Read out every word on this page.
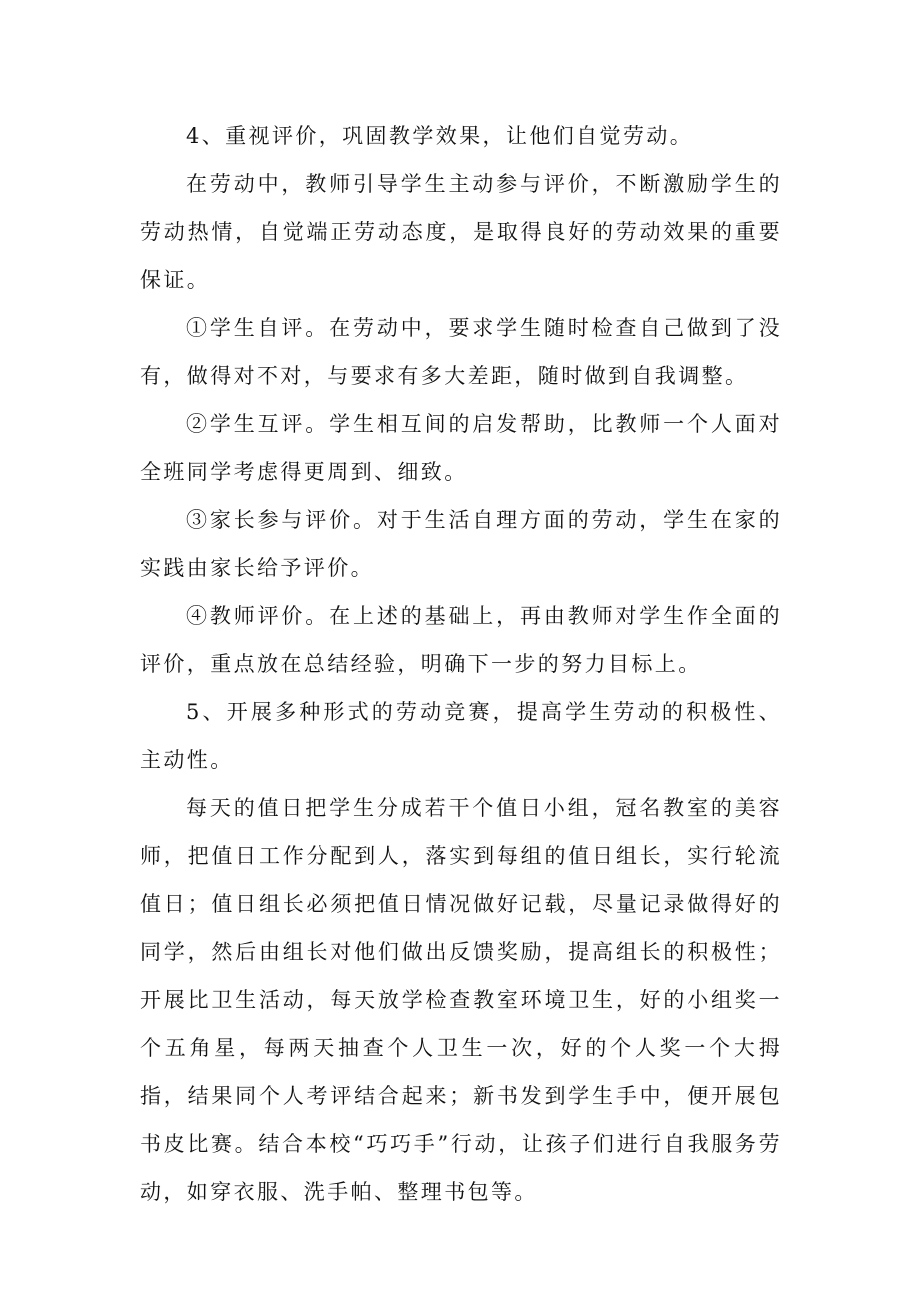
4、重视评价，巩固教学效果，让他们自觉劳动。

在劳动中，教师引导学生主动参与评价，不断激励学生的劳动热情，自觉端正劳动态度，是取得良好的劳动效果的重要保证。

①学生自评。在劳动中，要求学生随时检查自己做到了没有，做得对不对，与要求有多大差距，随时做到自我调整。

②学生互评。学生相互间的启发帮助，比教师一个人面对全班同学考虑得更周到、细致。

③家长参与评价。对于生活自理方面的劳动，学生在家的实践由家长给予评价。

④教师评价。在上述的基础上，再由教师对学生作全面的评价，重点放在总结经验，明确下一步的努力目标上。

5、开展多种形式的劳动竞赛，提高学生劳动的积极性、主动性。

每天的值日把学生分成若干个值日小组，冠名教室的美容师，把值日工作分配到人，落实到每组的值日组长，实行轮流值日；值日组长必须把值日情况做好记载，尽量记录做得好的同学，然后由组长对他们做出反馈奖励，提高组长的积极性；开展比卫生活动，每天放学检查教室环境卫生，好的小组奖一个五角星，每两天抽查个人卫生一次，好的个人奖一个大拇指，结果同个人考评结合起来；新书发到学生手中，便开展包书皮比赛。结合本校“巧巧手”行动，让孩子们进行自我服务劳动，如穿衣服、洗手帕、整理书包等。
